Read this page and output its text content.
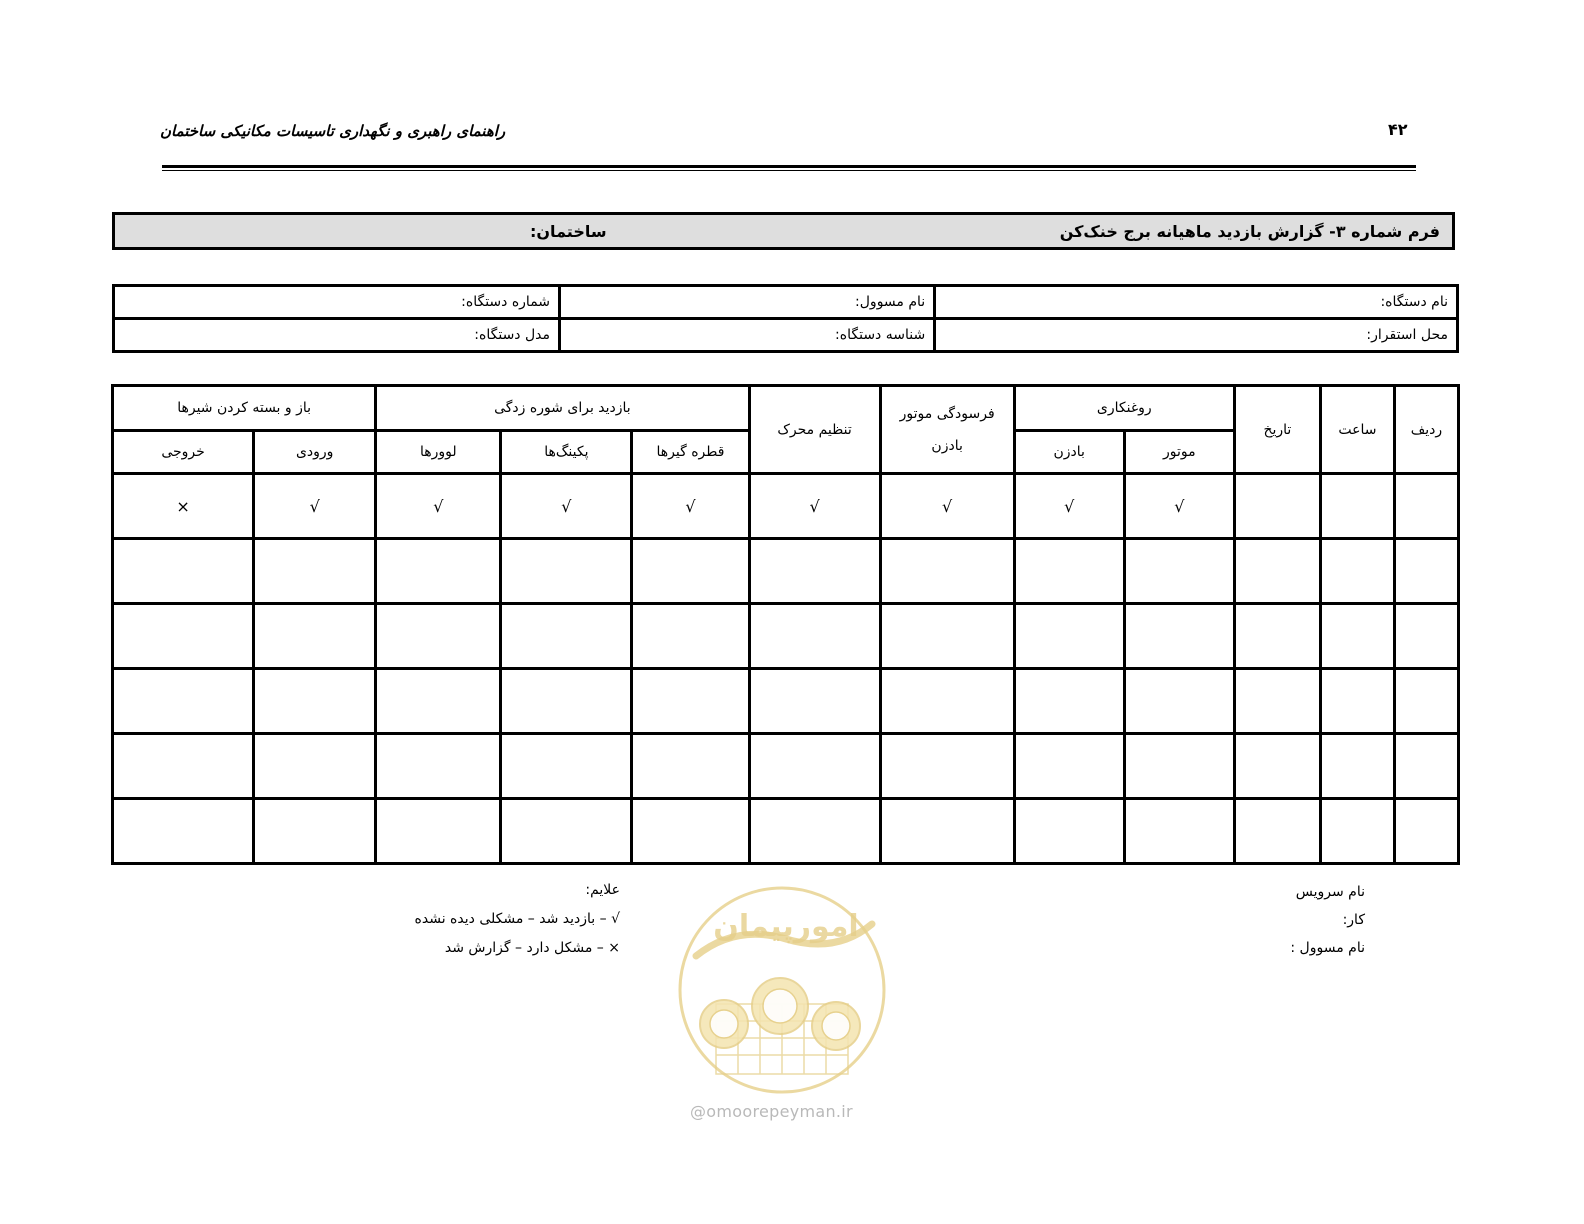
راهنمای راهبری و نگهداری تاسیسات مکانیکی ساختمان	۴۲
فرم شماره ۳- گزارش بازدید ماهیانه برج خنک‌کن
ساختمان:
نام دستگاه:	نام مسوول:	شماره دستگاه:
محل استقرار:	شناسه دستگاه:	مدل دستگاه:
ردیف	ساعت	تاریخ	روغنکاری		فرسودگی موتور بادزن	تنظیم محرک	بازدید برای شوره زدگی			باز و بسته کردن شیرها	
			موتور	بادزن			قطره گیرها	پکینگ‌ها	لوورها	ورودی	خروجی
			√	√	√	√	√	√	√	√	×

نام سرویس کار:
نام مسوول :
علایم:
√ – بازدید شد – مشکلی دیده نشده
× – مشکل دارد – گزارش شد
امورپیمان
@omoorepeyman.ir
